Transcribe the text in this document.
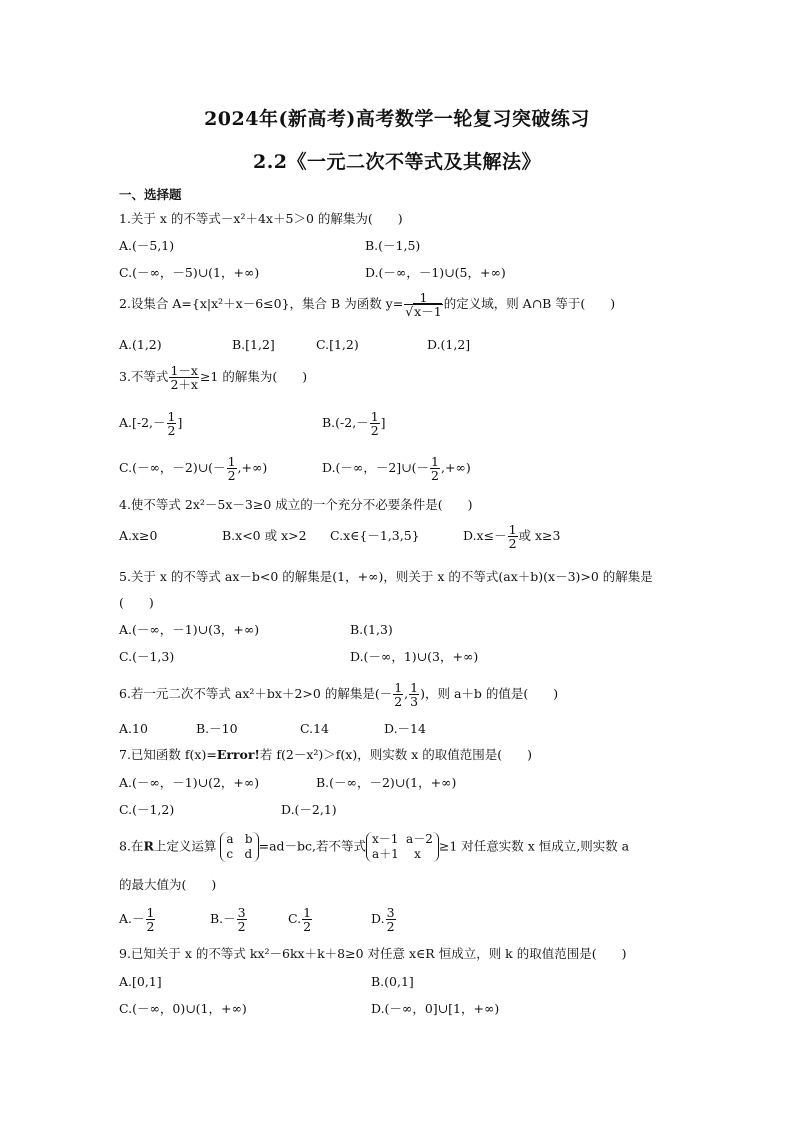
2024年(新高考)高考数学一轮复习突破练习
2.2《一元二次不等式及其解法》
一、选择题
1.关于 x 的不等式－x²＋4x＋5＞0 的解集为(　　)
A.(－5,1)	B.(－1,5)
C.(－∞，－5)∪(1，+∞)	D.(－∞，－1)∪(5，+∞)
2.设集合 A={x|x²＋x－6≤0}，集合 B 为函数 $y= \frac{1}{√x-1}$ 的定义域，则 A∩B 等于(　　)
A.(1,2)	B.[1,2]	C.[1,2)	D.(1,2]
3.不等式 $\frac{1-x}{2+x} \ge 1$ 的解集为(　　)
$A.[-2,- \frac{1}{2}$ ]	$B.(-2,- \frac{1}{2}$ ]
C.(－∞，－2)∪(－ $\frac{1}{2}$ ,+∞)	D.(－∞，－2]∪(－ $\frac{1}{2}$ ,+∞)
4.使不等式 2x²－5x－3≥0 成立的一个充分不必要条件是(　　)
A.x≥0	B.x<0 或 x>2 C.x∈{－1,3,5}	$D.x\le- \frac{1}{2}$ 或 x≥3
5.关于 x 的不等式 ax－b<0 的解集是(1，+∞)，则关于 x 的不等式(ax＋b)(x－3)>0 的解集是
(　　)
A.(－∞，－1)∪(3，+∞)	B.(1,3)
C.(－1,3)	D.(－∞，1)∪(3，+∞)
6.若一元二次不等式 ax²＋bx＋2>0 的解集是(－ $\frac{1}{2}$ , $\frac{1}{3}$ )，则 a＋b 的值是(　　)
A.10	B.－10	C.14	D.－14
7.已知函数 f(x)=Error!若 f(2－x²)＞f(x)，则实数 x 的取值范围是(　　)
A.(－∞，－1)∪(2，+∞)	B.(－∞，－2)∪(1，+∞)
C.(－1,2)	D.(－2,1)
8.在R上定义运算 a   b
c   d
=ad－bc,若不等式 x－1  a－2
a＋1    x
≥1 对任意实数 x 恒成立,则实数 a
的最大值为(　　)
$A.- \frac{1}{2}$	$B.- \frac{3}{2}$	C. $\frac{1}{2}$	D. $\frac{3}{2}$
9.已知关于 x 的不等式 kx²－6kx＋k＋8≥0 对任意 x∈R 恒成立，则 k 的取值范围是(　　)
A.[0,1]	B.(0,1]
C.(－∞，0)∪(1，+∞)	D.(－∞，0]∪[1，+∞)
